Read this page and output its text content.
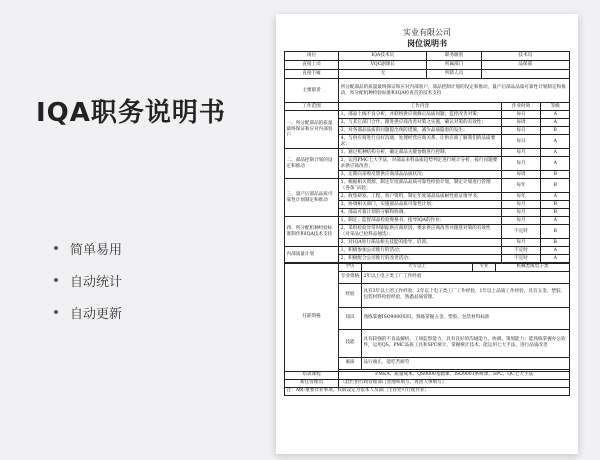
IQA职务说明书
简单易用
自动统计
自动更新
实业有限公司
岗位说明书
岗位	IQA技术员	职务级别	技术员
直接上司	VQC副课长	所属部门	品保部
直接下属	无	所辖人员	
主要职责	所分配部品的质量最终保证和应对内部客户，部品控制计划的设定和推动，量产后部品品质可靠性计划制定和推动，所分配机种检验标准和IQA检查首的技术支持		
工作范围	工作内容	作业时效	等级
一、所分配部品的质量最终保证和应对内部客户	1、部品上线不良分析，并联络供应商修正品质问题，监控改善对策；	每日	A
	2、与其它部门合作，跟进供应商改善对策之实施，确认对策的有效性；	每周	A
	3、对各部品品质的问题提出预防措施，减少品质隐患的发生；	每日	B
	4、与供应商进行良好沟通，处理经营应商关系，让供应商了解我们的品质要求；	每日	A
二、部品控制计划的设定和推动	1、通过机种结构分析，确定部品关键参数进行控制；	每月	A
	2、运用PMC七大手法，对部品来料品质趋势判定进行统计分析，按行问题要求供应商改善；	每月	A
	3、定期向采购反馈供应商部品品质状况；	每周	B
三、量产后部品品质可靠性计划制定和推动	1、根据相关资源，制定年度部品品质可靠性检验计划，制定计划进行管理（各条ˇ试验；	每年	B
	2、收集研发、工程、客户资料，制定年度部品品质耐性验证推导书；	每年	A
	3、协调相关部门，实施部品品质可靠性计划；	每月	B
	4、部品可靠计划的分解和协调。	每月	B
四、所分配机种检验标准制作和IQA技术支持	1、制定、监督部品检验规格书，指导IQA的作业；	每月	A
	2、采料检验异常时跟踪供应商原因，要求供应商改善并跟进对策的有效性（对采品已检料品抽选）；	不定时	B
	3、对IQA进行部品相关技能的指导、培训。	每月	B
内部质量计划	1、积极参加公司推行的活动；	不定时	A
	2、积极配合公司推行的改善活动；	不定时	A
任职资格	学历	大专以上	专业	机械类或电子类
	专业资格	2年以上电子类工厂工作经验		
	经验	具有3年以上的工作经验，2年以上电子类工厂工作经验，1年以上品质工作经验，具有五金、塑胶、包装材料检验经验，熟悉品质管理。		
	知识	熟练掌握ISO9000知识，熟练掌握五金、塑胶、包装材料标准		
	技能	具有较强的不良品解析、工场监察能力，具有良好的沟通能力、协调、策划能力；能熟练掌握办公软件，运用QS、PMC品质工具和SPC统计，掌握统计技术；能运用七大手法，进行品质改善		
	素质	品行端正，能吃苦耐劳		

培训课程	FMEA、质量成本、QS9000基础课、ISO9001系统课、SPC、QC七大手法			
新任管理员	（此栏由行政管理部门处理和填写，再由人事填写）			
注：A级-重要作业事项，权限设定为依本人及部门主管处可行使作业；				
